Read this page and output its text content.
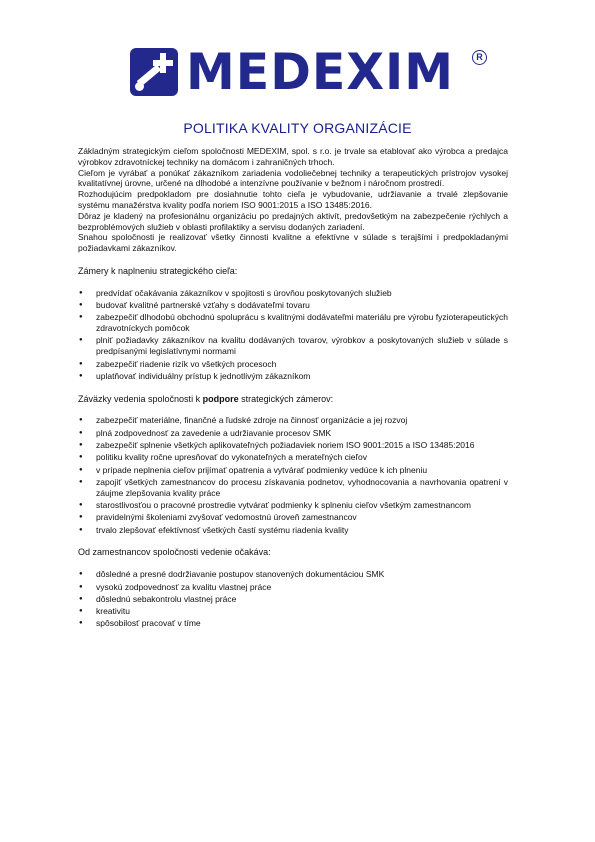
MEDEXIM	R
POLITIKA KVALITY ORGANIZÁCIE

Základným strategickým cieľom spoločnosti MEDEXIM, spol. s r.o. je trvale sa etablovať ako výrobca a predajca výrobkov zdravotníckej techniky na domácom i zahraničných trhoch.

Cieľom je vyrábať a ponúkať zákazníkom zariadenia vodoliečebnej techniky a terapeutických prístrojov vysokej kvalitatívnej úrovne, určené na dlhodobé a intenzívne používanie v bežnom i náročnom prostredí.

Rozhodujúcim predpokladom pre dosiahnutie tohto cieľa je vybudovanie, udržiavanie a trvalé zlepšovanie systému manažérstva kvality podľa noriem ISO 9001:2015 a ISO 13485:2016.

Dôraz je kladený na profesionálnu organizáciu po predajných aktivít, predovšetkým na zabezpečenie rýchlych a bezproblémových služieb v oblasti profilaktiky a servisu dodaných zariadení.

Snahou spoločnosti je realizovať všetky činnosti kvalitne a efektívne v súlade s terajšími i predpokladanými požiadavkami zákazníkov.

Zámery k naplneniu strategického cieľa:
● predvídať očakávania zákazníkov v spojitosti s úrovňou poskytovaných služieb
● budovať kvalitné partnerské vzťahy s dodávateľmi tovaru
● zabezpečiť dlhodobú obchodnú spoluprácu s kvalitnými dodávateľmi materiálu pre výrobu fyzioterapeutických zdravotníckych pomôcok
● plniť požiadavky zákazníkov na kvalitu dodávaných tovarov, výrobkov a poskytovaných služieb v súlade s predpísanými legislatívnymi normami
● zabezpečiť riadenie rizík vo všetkých procesoch
● uplatňovať individuálny prístup k jednotlivým zákazníkom
Záväzky vedenia spoločnosti k podpore strategických zámerov:
● zabezpečiť materiálne, finančné a ľudské zdroje na činnosť organizácie a jej rozvoj
● plná zodpovednosť za zavedenie a udržiavanie procesov SMK
● zabezpečiť splnenie všetkých aplikovateľných požiadaviek noriem ISO 9001:2015 a ISO 13485:2016
● politiku kvality ročne upresňovať do vykonateľných a merateľných cieľov
● v prípade neplnenia cieľov prijímať opatrenia a vytvárať podmienky vedúce k ich plneniu
● zapojiť všetkých zamestnancov do procesu získavania podnetov, vyhodnocovania a navrhovania opatrení v záujme zlepšovania kvality práce
● starostlivosťou o pracovné prostredie vytvárať podmienky k splneniu cieľov všetkým zamestnancom
● pravidelnými školeniami zvyšovať vedomostnú úroveň zamestnancov
● trvalo zlepšovať efektívnosť všetkých častí systému riadenia kvality
Od zamestnancov spoločnosti vedenie očakáva:
● dôsledné a presné dodržiavanie postupov stanovených dokumentáciou SMK
● vysokú zodpovednosť za kvalitu vlastnej práce
● dôslednú sebakontrolu vlastnej práce
● kreativitu
● spôsobilosť pracovať v tíme
